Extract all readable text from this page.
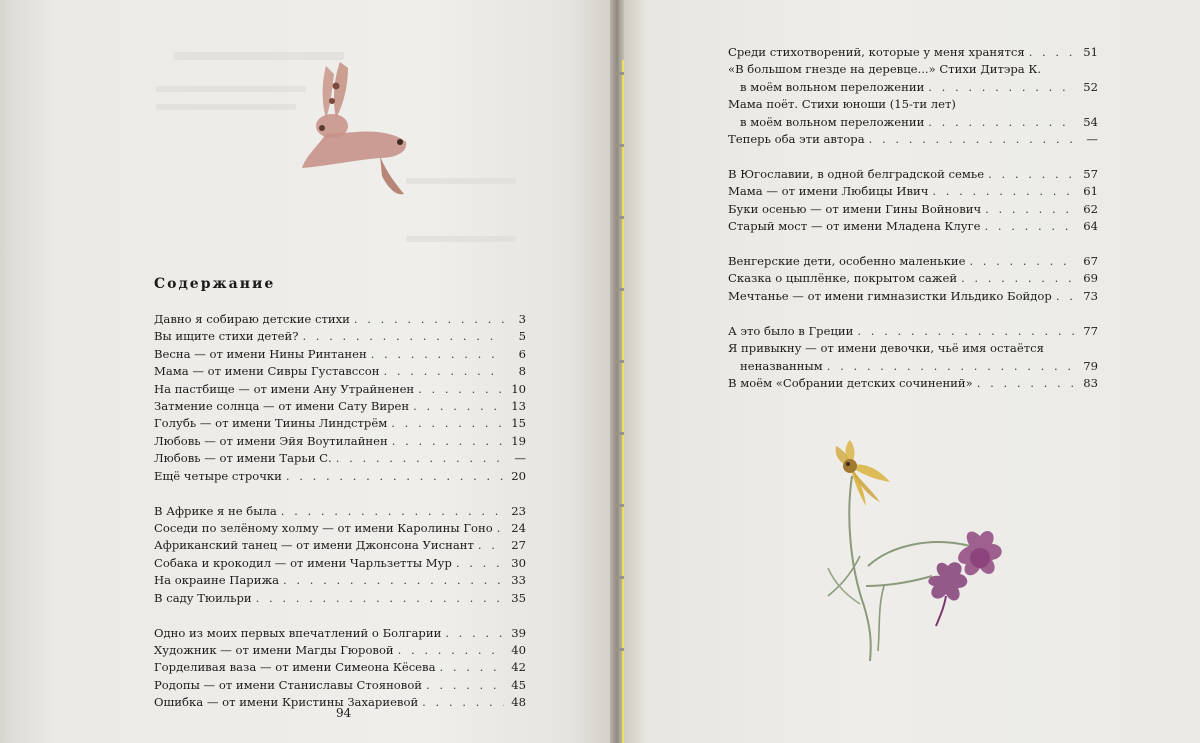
Содержание
Давно я собираю детские стихи . . .	3
Вы ищите стихи детей? . . .	5
Весна — от имени Нины Ринтанен . . .	6
Мама — от имени Сивры Густавссон . . .	8
На пастбище — от имени Ану Утрайненен . . .	10
Затмение солнца — от имени Сату Вирен . . .	13
Голубь — от имени Тиины Линдстрём . . .	15
Любовь — от имени Эйя Воутилайнен . . .	19
Любовь — от имени Тарьи С. . . .	—
Ещё четыре строчки . . .	20
В Африке я не была . . .	23
Соседи по зелёному холму — от имени Каролины Гоно . . . 24
Африканский танец — от имени Джонсона Уиснант . . .	27
Собака и крокодил — от имени Чарльзетты Мур . . .	30
На окраине Парижа . . .	33
В саду Тюильри . . .	35
Одно из моих первых впечатлений о Болгарии . . .	39
Художник — от имени Магды Гюровой . . .	40
Горделивая ваза — от имени Симеона Кёсева . . .	42
Родопы — от имени Станиславы Стояновой . . .	45
Ошибка — от имени Кристины Захариевой . . .	48
94
Среди стихотворений, которые у меня хранятся . . .	51
«В большом гнезде на деревце...» Стихи Дитэра К.
в моём вольном переложении . . .	52
Мама поёт. Стихи юноши (15-ти лет)
в моём вольном переложении . . .	54
Теперь оба эти автора . . .	—
В Югославии, в одной белградской семье . . .	57
Мама — от имени Любицы Ивич . . .	61
Буки осенью — от имени Гины Войнович . . .	62
Старый мост — от имени Младена Клуге . . .	64
Венгерские дети, особенно маленькие . . .	67
Сказка о цыплёнке, покрытом сажей . . .	69
Мечтанье — от имени гимназистки Ильдико Бойдор . . .	73
А это было в Греции . . .	77
Я привыкну — от имени девочки, чьё имя остаётся
неназванным . . .	79
В моём «Собрании детских сочинений» . . .	83
